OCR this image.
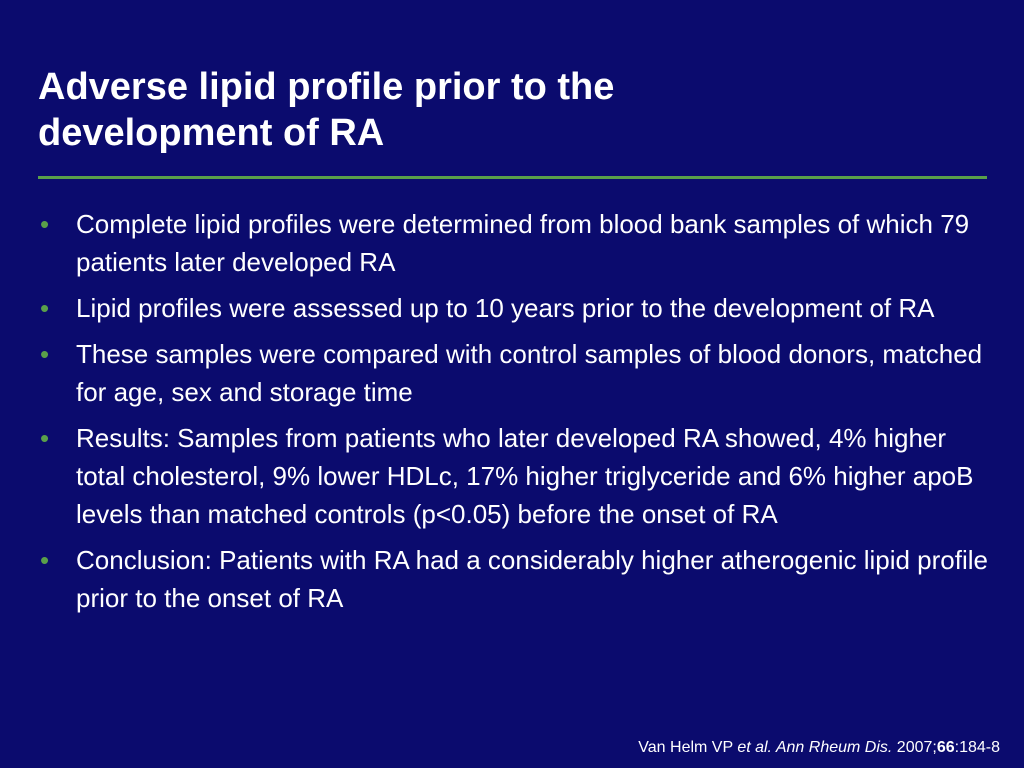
Adverse lipid profile prior to the
development of RA
• Complete lipid profiles were determined from blood bank samples of which 79 patients later developed RA
• Lipid profiles were assessed up to 10 years prior to the development of RA
• These samples were compared with control samples of blood donors, matched for age, sex and storage time
• Results: Samples from patients who later developed RA showed, 4% higher total cholesterol, 9% lower HDLc, 17% higher triglyceride and 6% higher apoB levels than matched controls (p<0.05) before the onset of RA
• Conclusion: Patients with RA had a considerably higher atherogenic lipid profile prior to the onset of RA
Van Helm VP et al. Ann Rheum Dis. 2007;66:184-8
